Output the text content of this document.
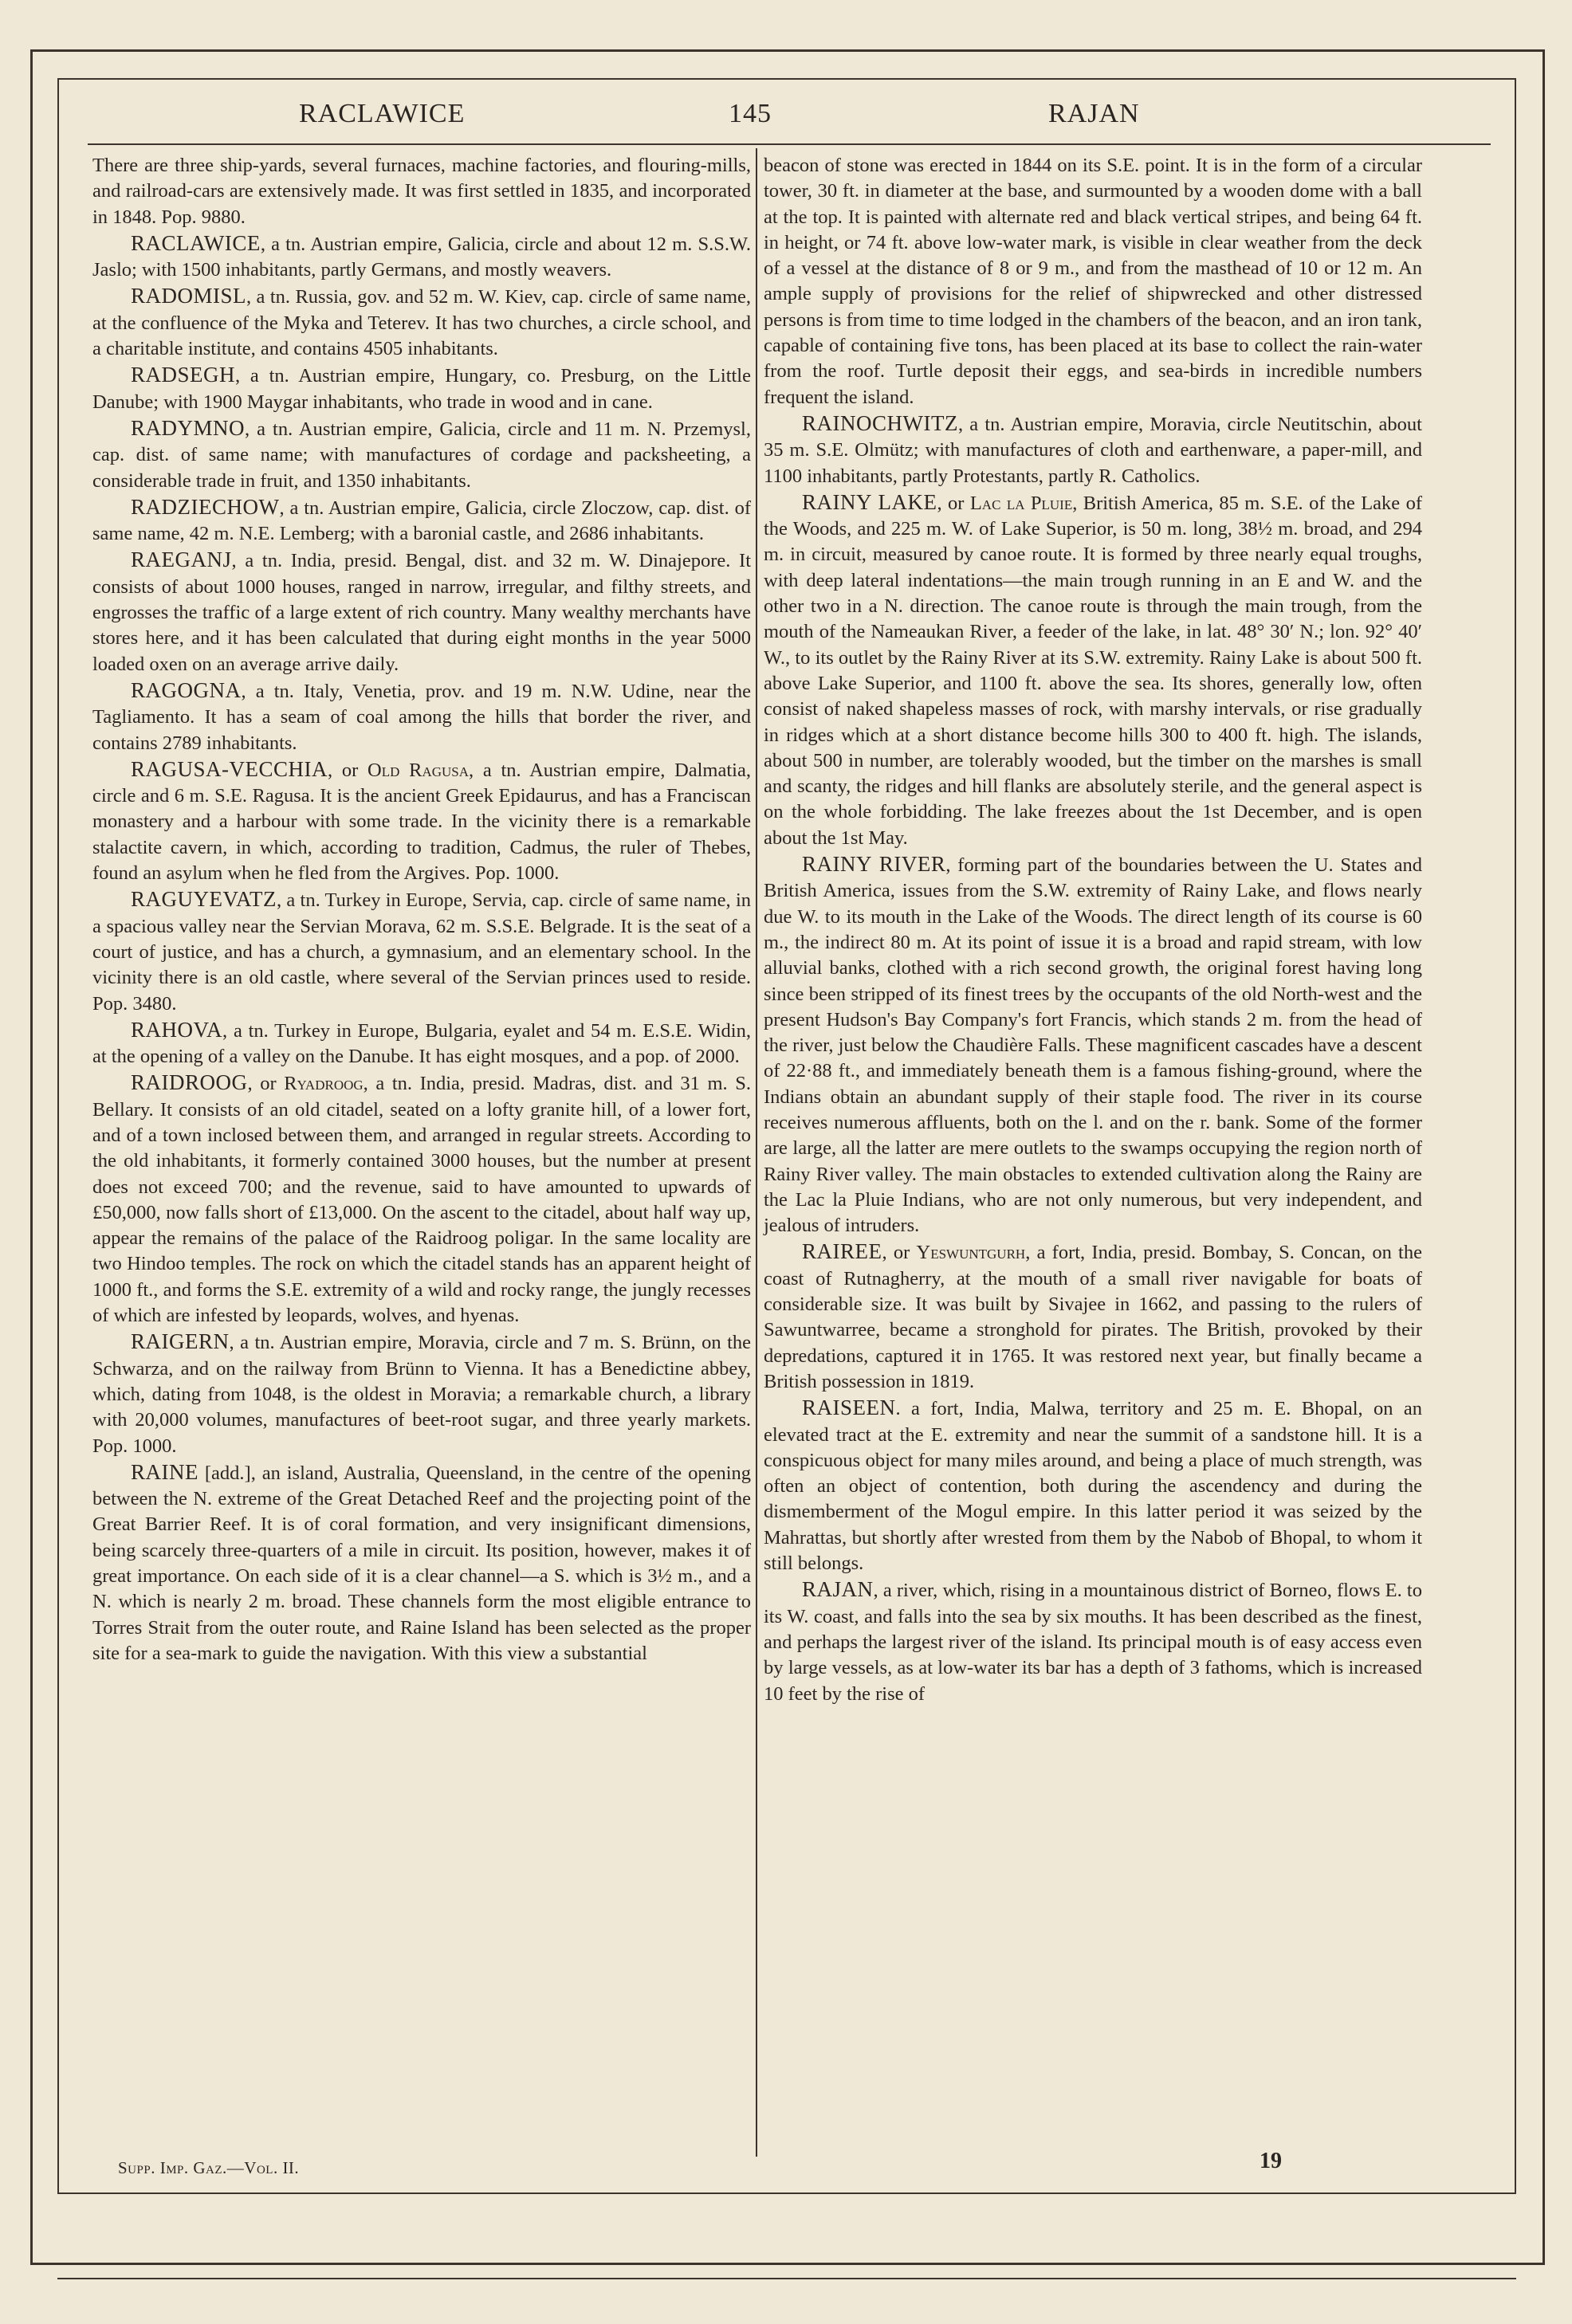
RACLAWICE	145	RAJAN

There are three ship-yards, several furnaces, machine factories, and flouring-mills, and railroad-cars are extensively made. It was first settled in 1835, and incorporated in 1848. Pop. 9880.

RACLAWICE, a tn. Austrian empire, Galicia, circle and about 12 m. S.S.W. Jaslo; with 1500 inhabitants, partly Germans, and mostly weavers.

RADOMISL, a tn. Russia, gov. and 52 m. W. Kiev, cap. circle of same name, at the confluence of the Myka and Teterev. It has two churches, a circle school, and a charitable institute, and contains 4505 inhabitants.

RADSEGH, a tn. Austrian empire, Hungary, co. Presburg, on the Little Danube; with 1900 Maygar inhabitants, who trade in wood and in cane.

RADYMNO, a tn. Austrian empire, Galicia, circle and 11 m. N. Przemysl, cap. dist. of same name; with manufactures of cordage and packsheeting, a considerable trade in fruit, and 1350 inhabitants.

RADZIECHOW, a tn. Austrian empire, Galicia, circle Zloczow, cap. dist. of same name, 42 m. N.E. Lemberg; with a baronial castle, and 2686 inhabitants.

RAEGANJ, a tn. India, presid. Bengal, dist. and 32 m. W. Dinajepore. It consists of about 1000 houses, ranged in narrow, irregular, and filthy streets, and engrosses the traffic of a large extent of rich country. Many wealthy merchants have stores here, and it has been calculated that during eight months in the year 5000 loaded oxen on an average arrive daily.

RAGOGNA, a tn. Italy, Venetia, prov. and 19 m. N.W. Udine, near the Tagliamento. It has a seam of coal among the hills that border the river, and contains 2789 inhabitants.

RAGUSA-VECCHIA, or Old Ragusa, a tn. Austrian empire, Dalmatia, circle and 6 m. S.E. Ragusa. It is the ancient Greek Epidaurus, and has a Franciscan monastery and a harbour with some trade. In the vicinity there is a remarkable stalactite cavern, in which, according to tradition, Cadmus, the ruler of Thebes, found an asylum when he fled from the Argives. Pop. 1000.

RAGUYEVATZ, a tn. Turkey in Europe, Servia, cap. circle of same name, in a spacious valley near the Servian Morava, 62 m. S.S.E. Belgrade. It is the seat of a court of justice, and has a church, a gymnasium, and an elementary school. In the vicinity there is an old castle, where several of the Servian princes used to reside. Pop. 3480.

RAHOVA, a tn. Turkey in Europe, Bulgaria, eyalet and 54 m. E.S.E. Widin, at the opening of a valley on the Danube. It has eight mosques, and a pop. of 2000.

RAIDROOG, or Ryadroog, a tn. India, presid. Madras, dist. and 31 m. S. Bellary. It consists of an old citadel, seated on a lofty granite hill, of a lower fort, and of a town inclosed between them, and arranged in regular streets. According to the old inhabitants, it formerly contained 3000 houses, but the number at present does not exceed 700; and the revenue, said to have amounted to upwards of £50,000, now falls short of £13,000. On the ascent to the citadel, about half way up, appear the remains of the palace of the Raidroog poligar. In the same locality are two Hindoo temples. The rock on which the citadel stands has an apparent height of 1000 ft., and forms the S.E. extremity of a wild and rocky range, the jungly recesses of which are infested by leopards, wolves, and hyenas.

RAIGERN, a tn. Austrian empire, Moravia, circle and 7 m. S. Brünn, on the Schwarza, and on the railway from Brünn to Vienna. It has a Benedictine abbey, which, dating from 1048, is the oldest in Moravia; a remarkable church, a library with 20,000 volumes, manufactures of beet-root sugar, and three yearly markets. Pop. 1000.

RAINE [add.], an island, Australia, Queensland, in the centre of the opening between the N. extreme of the Great Detached Reef and the projecting point of the Great Barrier Reef. It is of coral formation, and very insignificant dimensions, being scarcely three-quarters of a mile in circuit. Its position, however, makes it of great importance. On each side of it is a clear channel—a S. which is 3½ m., and a N. which is nearly 2 m. broad. These channels form the most eligible entrance to Torres Strait from the outer route, and Raine Island has been selected as the proper site for a sea-mark to guide the navigation. With this view a substantial

beacon of stone was erected in 1844 on its S.E. point. It is in the form of a circular tower, 30 ft. in diameter at the base, and surmounted by a wooden dome with a ball at the top. It is painted with alternate red and black vertical stripes, and being 64 ft. in height, or 74 ft. above low-water mark, is visible in clear weather from the deck of a vessel at the distance of 8 or 9 m., and from the masthead of 10 or 12 m. An ample supply of provisions for the relief of shipwrecked and other distressed persons is from time to time lodged in the chambers of the beacon, and an iron tank, capable of containing five tons, has been placed at its base to collect the rain-water from the roof. Turtle deposit their eggs, and sea-birds in incredible numbers frequent the island.

RAINOCHWITZ, a tn. Austrian empire, Moravia, circle Neutitschin, about 35 m. S.E. Olmütz; with manufactures of cloth and earthenware, a paper-mill, and 1100 inhabitants, partly Protestants, partly R. Catholics.

RAINY LAKE, or Lac la Pluie, British America, 85 m. S.E. of the Lake of the Woods, and 225 m. W. of Lake Superior, is 50 m. long, 38½ m. broad, and 294 m. in circuit, measured by canoe route. It is formed by three nearly equal troughs, with deep lateral indentations—the main trough running in an E and W. and the other two in a N. direction. The canoe route is through the main trough, from the mouth of the Nameaukan River, a feeder of the lake, in lat. 48° 30′ N.; lon. 92° 40′ W., to its outlet by the Rainy River at its S.W. extremity. Rainy Lake is about 500 ft. above Lake Superior, and 1100 ft. above the sea. Its shores, generally low, often consist of naked shapeless masses of rock, with marshy intervals, or rise gradually in ridges which at a short distance become hills 300 to 400 ft. high. The islands, about 500 in number, are tolerably wooded, but the timber on the marshes is small and scanty, the ridges and hill flanks are absolutely sterile, and the general aspect is on the whole forbidding. The lake freezes about the 1st December, and is open about the 1st May.

RAINY RIVER, forming part of the boundaries between the U. States and British America, issues from the S.W. extremity of Rainy Lake, and flows nearly due W. to its mouth in the Lake of the Woods. The direct length of its course is 60 m., the indirect 80 m. At its point of issue it is a broad and rapid stream, with low alluvial banks, clothed with a rich second growth, the original forest having long since been stripped of its finest trees by the occupants of the old North-west and the present Hudson's Bay Company's fort Francis, which stands 2 m. from the head of the river, just below the Chaudière Falls. These magnificent cascades have a descent of 22·88 ft., and immediately beneath them is a famous fishing-ground, where the Indians obtain an abundant supply of their staple food. The river in its course receives numerous affluents, both on the l. and on the r. bank. Some of the former are large, all the latter are mere outlets to the swamps occupying the region north of Rainy River valley. The main obstacles to extended cultivation along the Rainy are the Lac la Pluie Indians, who are not only numerous, but very independent, and jealous of intruders.

RAIREE, or Yeswuntgurh, a fort, India, presid. Bombay, S. Concan, on the coast of Rutnagherry, at the mouth of a small river navigable for boats of considerable size. It was built by Sivajee in 1662, and passing to the rulers of Sawuntwarree, became a stronghold for pirates. The British, provoked by their depredations, captured it in 1765. It was restored next year, but finally became a British possession in 1819.

RAISEEN. a fort, India, Malwa, territory and 25 m. E. Bhopal, on an elevated tract at the E. extremity and near the summit of a sandstone hill. It is a conspicuous object for many miles around, and being a place of much strength, was often an object of contention, both during the ascendency and during the dismemberment of the Mogul empire. In this latter period it was seized by the Mahrattas, but shortly after wrested from them by the Nabob of Bhopal, to whom it still belongs.

RAJAN, a river, which, rising in a mountainous district of Borneo, flows E. to its W. coast, and falls into the sea by six mouths. It has been described as the finest, and perhaps the largest river of the island. Its principal mouth is of easy access even by large vessels, as at low-water its bar has a depth of 3 fathoms, which is increased 10 feet by the rise of

Supp. Imp. Gaz.—Vol. II.	19
